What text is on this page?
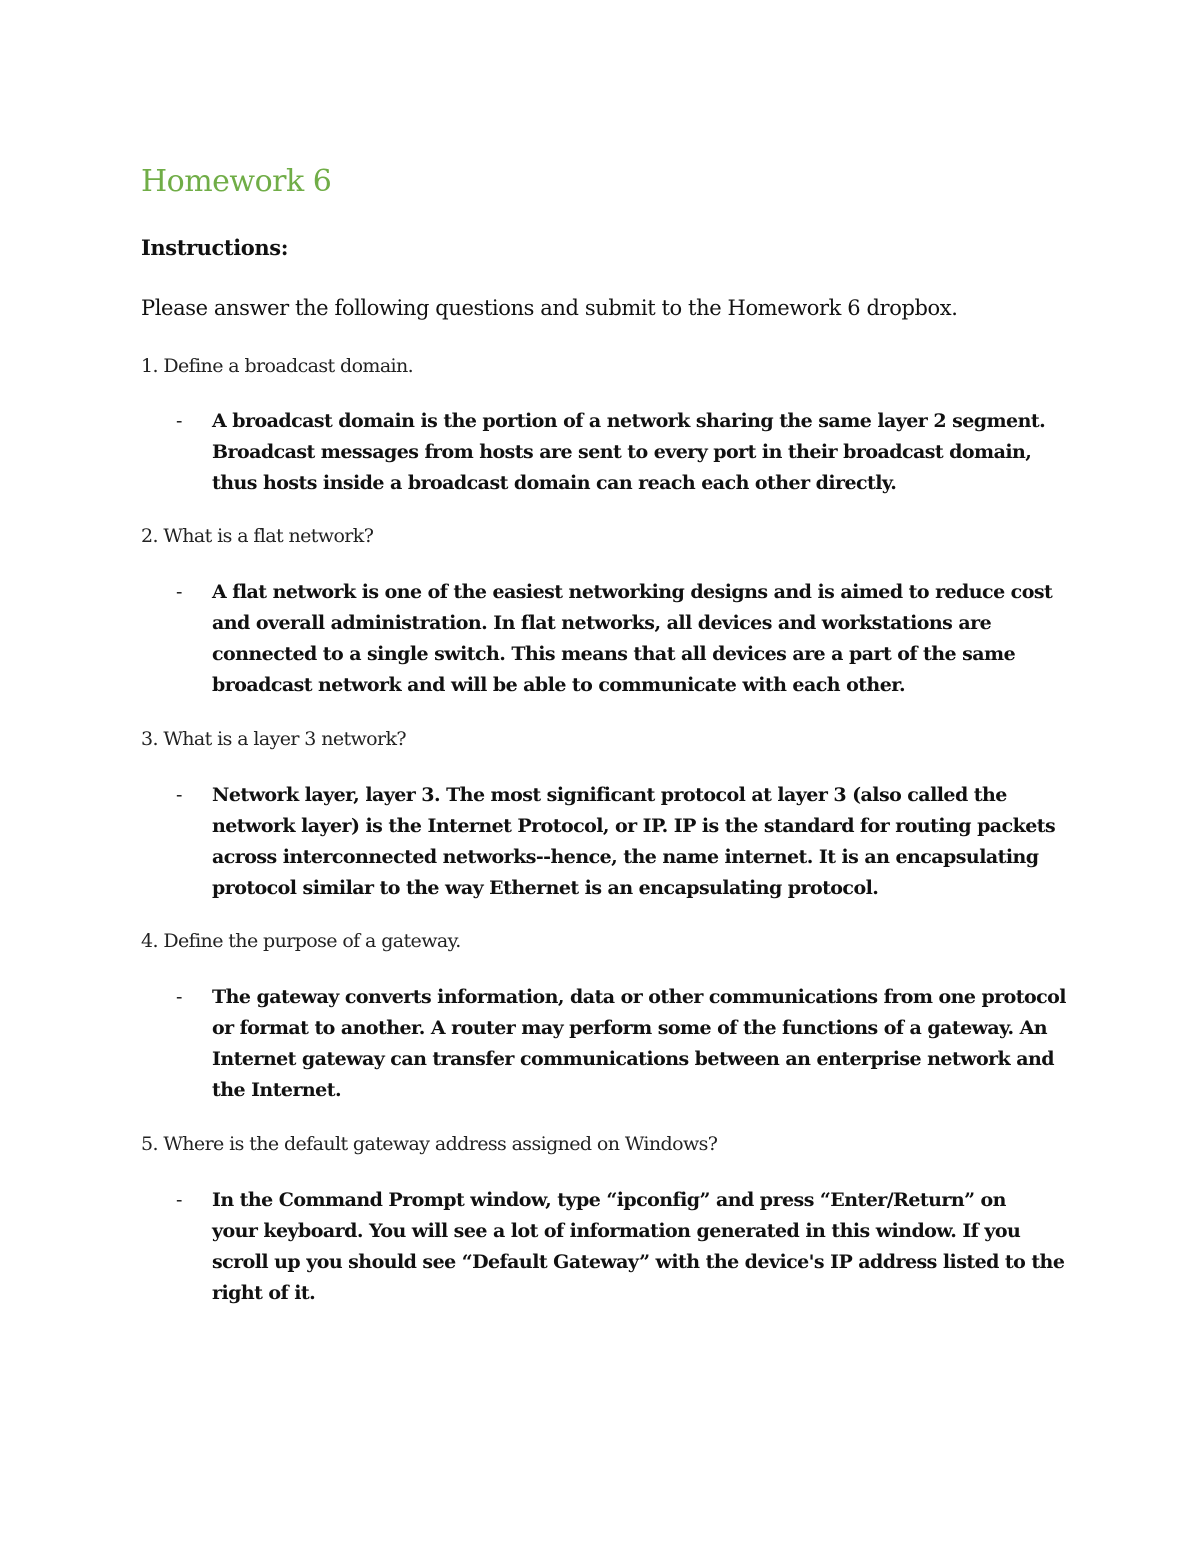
Homework 6
Instructions:
Please answer the following questions and submit to the Homework 6 dropbox.
1. Define a broadcast domain.
- A broadcast domain is the portion of a network sharing the same layer 2 segment.
Broadcast messages from hosts are sent to every port in their broadcast domain,
thus hosts inside a broadcast domain can reach each other directly.
2. What is a flat network?
- A flat network is one of the easiest networking designs and is aimed to reduce cost
and overall administration. In flat networks, all devices and workstations are
connected to a single switch. This means that all devices are a part of the same
broadcast network and will be able to communicate with each other.
3. What is a layer 3 network?
- Network layer, layer 3. The most significant protocol at layer 3 (also called the
network layer) is the Internet Protocol, or IP. IP is the standard for routing packets
across interconnected networks--hence, the name internet. It is an encapsulating
protocol similar to the way Ethernet is an encapsulating protocol.
4. Define the purpose of a gateway.
- The gateway converts information, data or other communications from one protocol
or format to another. A router may perform some of the functions of a gateway. An
Internet gateway can transfer communications between an enterprise network and
the Internet.
5. Where is the default gateway address assigned on Windows?
- In the Command Prompt window, type “ipconfig” and press “Enter/Return” on
your keyboard. You will see a lot of information generated in this window. If you
scroll up you should see “Default Gateway” with the device's IP address listed to the
right of it.
